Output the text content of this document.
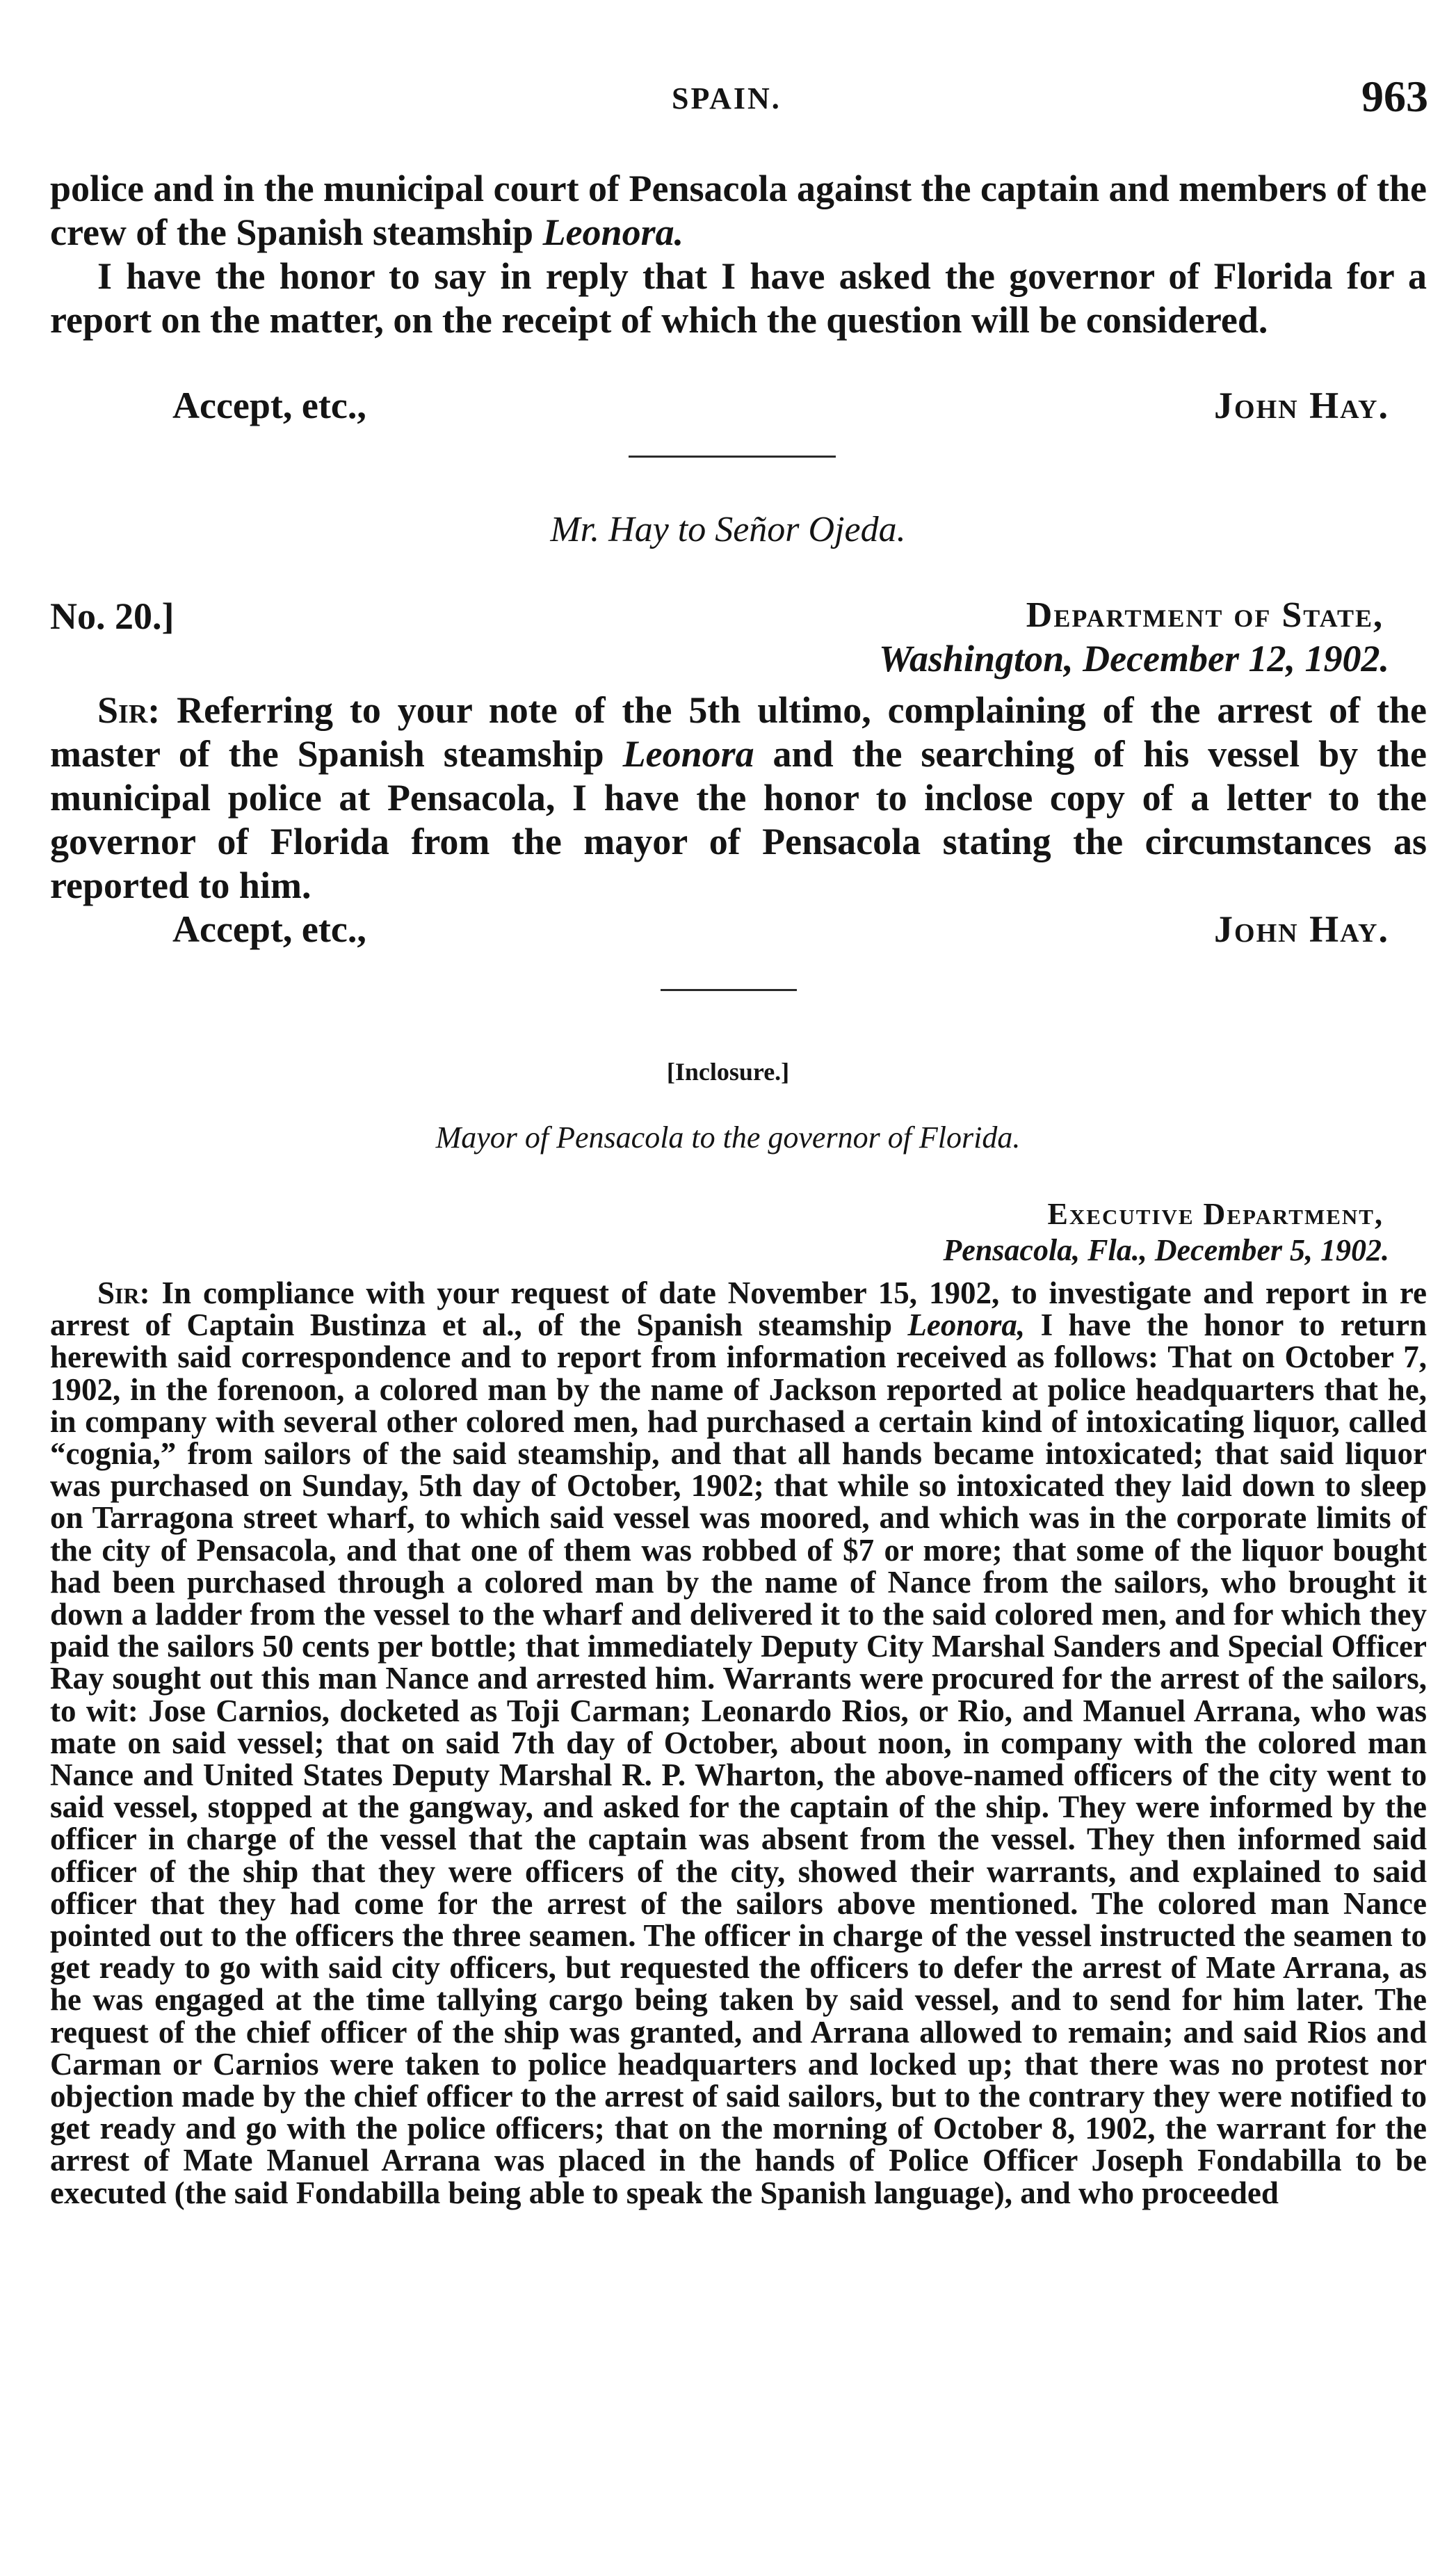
SPAIN.	963

police and in the municipal court of Pensacola against the captain and members of the crew of the Spanish steamship Leonora.

I have the honor to say in reply that I have asked the governor of Florida for a report on the matter, on the receipt of which the question will be considered.

Accept, etc.,	John Hay.
Mr. Hay to Señor Ojeda.
No. 20.]	Department of State,
Washington, December 12, 1902.

Sir: Referring to your note of the 5th ultimo, complaining of the arrest of the master of the Spanish steamship Leonora and the searching of his vessel by the municipal police at Pensacola, I have the honor to inclose copy of a letter to the governor of Florida from the mayor of Pensacola stating the circumstances as reported to him.

Accept, etc.,	John Hay.
[Inclosure.]
Mayor of Pensacola to the governor of Florida.
Executive Department,
Pensacola, Fla., December 5, 1902.

Sir: In compliance with your request of date November 15, 1902, to investigate and report in re arrest of Captain Bustinza et al., of the Spanish steamship Leonora, I have the honor to return herewith said correspondence and to report from information received as follows: That on October 7, 1902, in the forenoon, a colored man by the name of Jackson reported at police headquarters that he, in company with several other colored men, had purchased a certain kind of intoxicating liquor, called “cognia,” from sailors of the said steamship, and that all hands became intoxicated; that said liquor was purchased on Sunday, 5th day of October, 1902; that while so intoxicated they laid down to sleep on Tarragona street wharf, to which said vessel was moored, and which was in the corporate limits of the city of Pensacola, and that one of them was robbed of $7 or more; that some of the liquor bought had been purchased through a colored man by the name of Nance from the sailors, who brought it down a ladder from the vessel to the wharf and delivered it to the said colored men, and for which they paid the sailors 50 cents per bottle; that immediately Deputy City Marshal Sanders and Special Officer Ray sought out this man Nance and arrested him. Warrants were procured for the arrest of the sailors, to wit: Jose Carnios, docketed as Toji Carman; Leonardo Rios, or Rio, and Manuel Arrana, who was mate on said vessel; that on said 7th day of October, about noon, in company with the colored man Nance and United States Deputy Marshal R. P. Wharton, the above-named officers of the city went to said vessel, stopped at the gangway, and asked for the captain of the ship. They were informed by the officer in charge of the vessel that the captain was absent from the vessel. They then informed said officer of the ship that they were officers of the city, showed their warrants, and explained to said officer that they had come for the arrest of the sailors above mentioned. The colored man Nance pointed out to the officers the three seamen. The officer in charge of the vessel instructed the seamen to get ready to go with said city officers, but requested the officers to defer the arrest of Mate Arrana, as he was engaged at the time tallying cargo being taken by said vessel, and to send for him later. The request of the chief officer of the ship was granted, and Arrana allowed to remain; and said Rios and Carman or Carnios were taken to police headquarters and locked up; that there was no protest nor objection made by the chief officer to the arrest of said sailors, but to the contrary they were notified to get ready and go with the police officers; that on the morning of October 8, 1902, the warrant for the arrest of Mate Manuel Arrana was placed in the hands of Police Officer Joseph Fondabilla to be executed (the said Fondabilla being able to speak the Spanish language), and who proceeded
